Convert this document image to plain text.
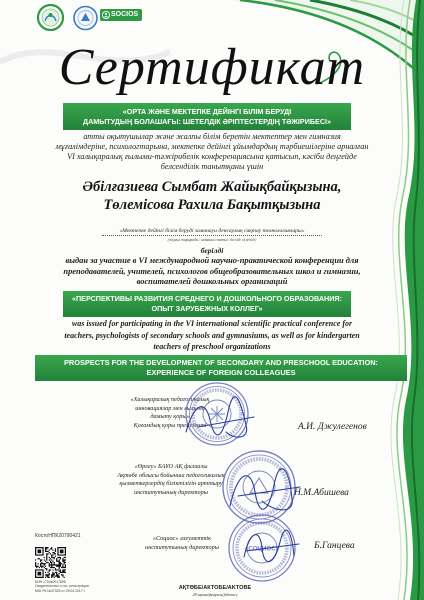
SOCIOS
Сертификат
«ОРТА ЖӘНЕ МЕКТЕПКЕ ДЕЙІНГІ БІЛІМ БЕРУДІ
ДАМЫТУДЫҢ БОЛАШАҒЫ: ШЕТЕЛДІК ӘРІПТЕСТЕРДІҢ ТӘЖІРИБЕСІ»
атты оқытушылар және жалпы білім беретін мектептер мен гимназия
мұғалімдеріне, психологтарына, мектепке дейінгі ұйымдардың тәрбиешілеріне арналған
VI халықаралық ғылыми-тәжірибелік конференциясына қатысып, кәсіби деңгейде
белсенділік танытқаны үшін
Әбілғазиева Сымбат Жайықбайқызына,
Төлемісова Рахила Бақытқызына
«Мектепке дейінгі білім беруді заманауи денсаулық сақтау технологиялары»
(жұмыс тақырыбы / название статьи / the title of article)
берілді
выдан за участие в VI международной научно-практической конференции для
преподавателей, учителей, психологов общеобразовательных школ и гимназии,
воспитателей дошкольных организаций
«ПЕРСПЕКТИВЫ РАЗВИТИЯ СРЕДНЕГО И ДОШКОЛЬНОГО ОБРАЗОВАНИЯ:
ОПЫТ ЗАРУБЕЖНЫХ КОЛЛЕГ»
was issued for participating in the VI international scientific practical conference for
teachers, psychologists of secondary schools and gymnasiums, as well as for kindergarten
teachers of preschool organizations
PROSPECTS FOR THE DEVELOPMENT OF SECONDARY AND PRESCHOOL EDUCATION:
EXPERIENCE OF FOREIGN COLLEAGUES
«Халықаралық педагогикалық
инновациялар мен ғылыми
дамыту қоры»
Қоғамдық қоры президенті	А.И. Джулегенов
«Өрлеу» БАҰО АҚ филиалы
Ақтөбе облысы бойынша педагогикалық
қызметкерлердің біліктілігін арттыру
институтының директоры	Н.М.Абишева
«Социос» әлеуметтік
институтының директоры	Б.Ганцева
КостоНПК20790421
БИН 170440017898
Свидетельство о гос. регистрации
МЮ РК №07325 от 25.04.2017 г.	АҚТӨБЕ/АКТОБЕ/AKTOBE
28 ақпан/февраль/february
«СОЦИОС»
